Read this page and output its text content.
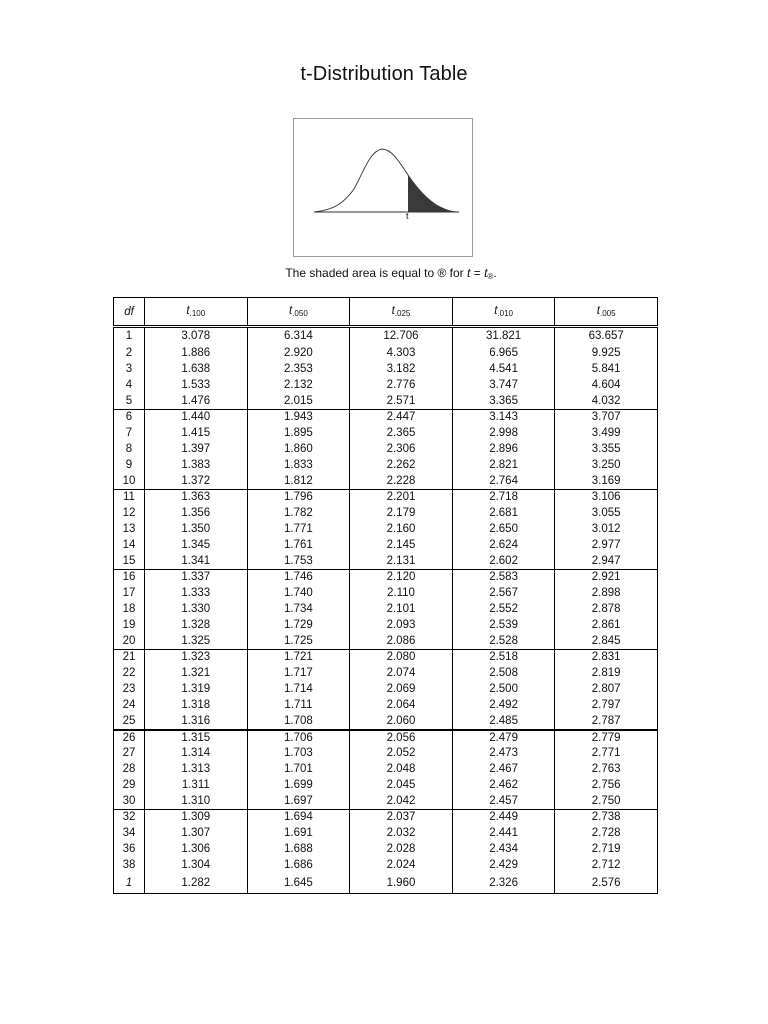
t-Distribution Table
t
The shaded area is equal to ® for $t = t_®$.
df	$t_{.100}$	$t_{.050}$	$t_{.025}$	$t_{.010}$	$t_{.005}$
1	3.078	6.314	12.706	31.821	63.657
2	1.886	2.920	4.303	6.965	9.925
3	1.638	2.353	3.182	4.541	5.841
4	1.533	2.132	2.776	3.747	4.604
5	1.476	2.015	2.571	3.365	4.032
6	1.440	1.943	2.447	3.143	3.707
7	1.415	1.895	2.365	2.998	3.499
8	1.397	1.860	2.306	2.896	3.355
9	1.383	1.833	2.262	2.821	3.250
10	1.372	1.812	2.228	2.764	3.169
11	1.363	1.796	2.201	2.718	3.106
12	1.356	1.782	2.179	2.681	3.055
13	1.350	1.771	2.160	2.650	3.012
14	1.345	1.761	2.145	2.624	2.977
15	1.341	1.753	2.131	2.602	2.947
16	1.337	1.746	2.120	2.583	2.921
17	1.333	1.740	2.110	2.567	2.898
18	1.330	1.734	2.101	2.552	2.878
19	1.328	1.729	2.093	2.539	2.861
20	1.325	1.725	2.086	2.528	2.845
21	1.323	1.721	2.080	2.518	2.831
22	1.321	1.717	2.074	2.508	2.819
23	1.319	1.714	2.069	2.500	2.807
24	1.318	1.711	2.064	2.492	2.797
25	1.316	1.708	2.060	2.485	2.787
26	1.315	1.706	2.056	2.479	2.779
27	1.314	1.703	2.052	2.473	2.771
28	1.313	1.701	2.048	2.467	2.763
29	1.311	1.699	2.045	2.462	2.756
30	1.310	1.697	2.042	2.457	2.750
32	1.309	1.694	2.037	2.449	2.738
34	1.307	1.691	2.032	2.441	2.728
36	1.306	1.688	2.028	2.434	2.719
38	1.304	1.686	2.024	2.429	2.712
1	1.282	1.645	1.960	2.326	2.576
